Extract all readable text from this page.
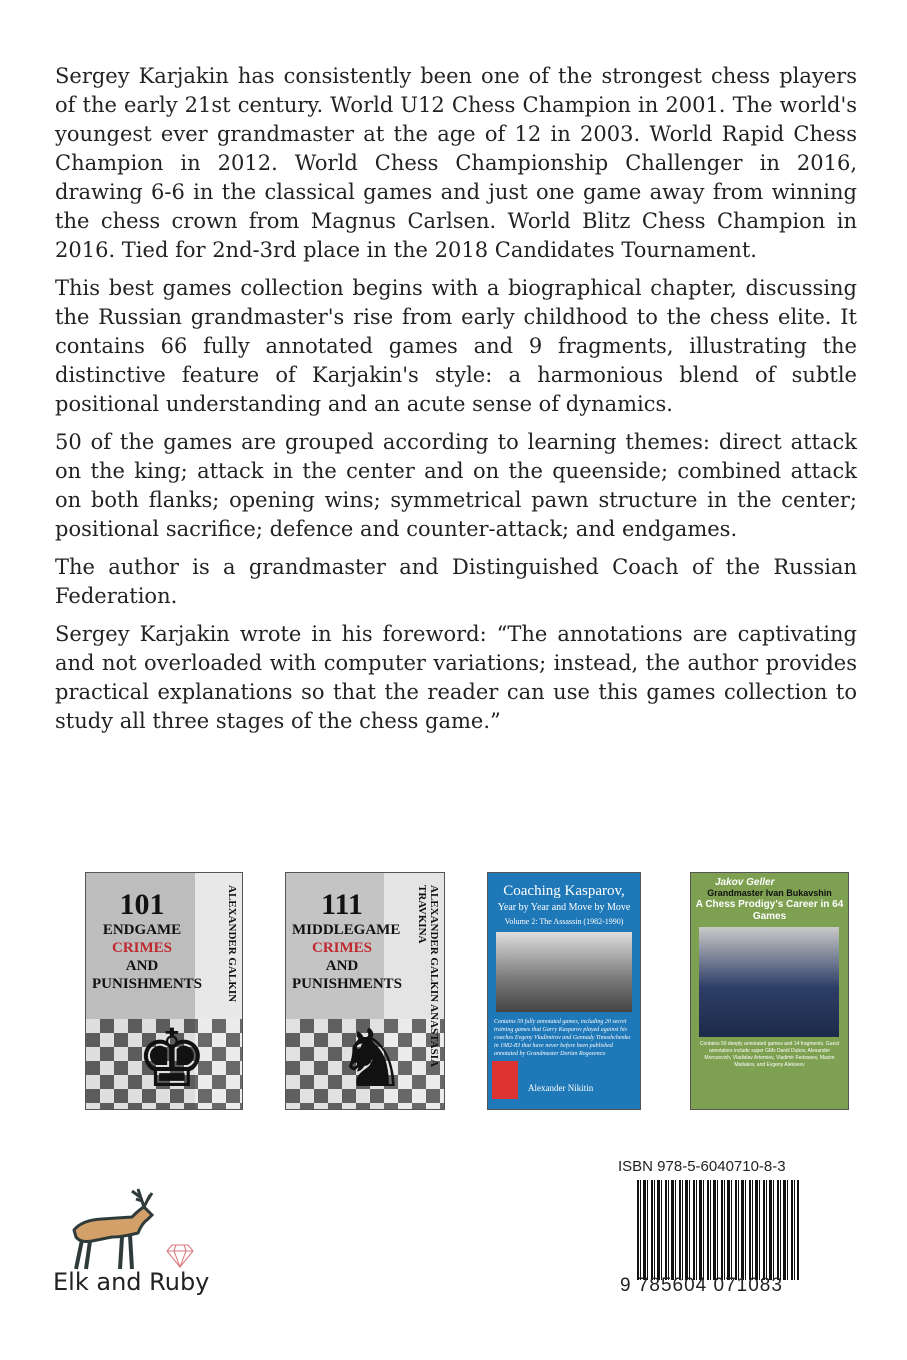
Sergey Karjakin has consistently been one of the strongest chess players of the early 21st century. World U12 Chess Champion in 2001. The world's youngest ever grandmaster at the age of 12 in 2003. World Rapid Chess Champion in 2012. World Chess Championship Challenger in 2016, drawing 6-6 in the classical games and just one game away from winning the chess crown from Magnus Carlsen. World Blitz Chess Champion in 2016. Tied for 2nd-3rd place in the 2018 Candidates Tournament.

This best games collection begins with a biographical chapter, discussing the Russian grandmaster's rise from early childhood to the chess elite. It contains 66 fully annotated games and 9 fragments, illustrating the distinctive feature of Karjakin's style: a harmonious blend of subtle positional understanding and an acute sense of dynamics.

50 of the games are grouped according to learning themes: direct attack on the king; attack in the center and on the queenside; combined attack on both flanks; opening wins; symmetrical pawn structure in the center; positional sacrifice; defence and counter-attack; and endgames.

The author is a grandmaster and Distinguished Coach of the Russian Federation.

Sergey Karjakin wrote in his foreword: “The annotations are captivating and not overloaded with computer variations; instead, the author provides practical explanations so that the reader can use this games collection to study all three stages of the chess game.”

♚
101
ENDGAME
CRIMES
AND PUNISHMENTS	ALEXANDER GALKIN
♞
111
MIDDLEGAME
CRIMES
AND PUNISHMENTS	ALEXANDER GALKIN ANASTASIA TRAVKINA	Coaching Kasparov,
Year by Year and Move by Move
Volume 2: The Assassin (1982-1990)
Contains 59 fully annotated games, including 20 secret training games that Garry Kasparov played against his coaches Evgeny Vladimirov and Gennady Timoshchenko in 1982-83 that have never before been published annotated by Grandmaster Dorian Rogozenco
Alexander Nikitin
Jakov Geller
Grandmaster Ivan Bukavshin
A Chess Prodigy's Career in 64 Games
Contains 50 deeply annotated games and 14 fragments. Guest annotators include super GMs Daniil Dubov, Alexander Morozevich, Vladislav Artemiev, Vladimir Fedoseev, Maxim Matlakov, and Evgeny Alekseev
Elk and Ruby
ISBN 978-5-6040710-8-3
9 785604 071083
